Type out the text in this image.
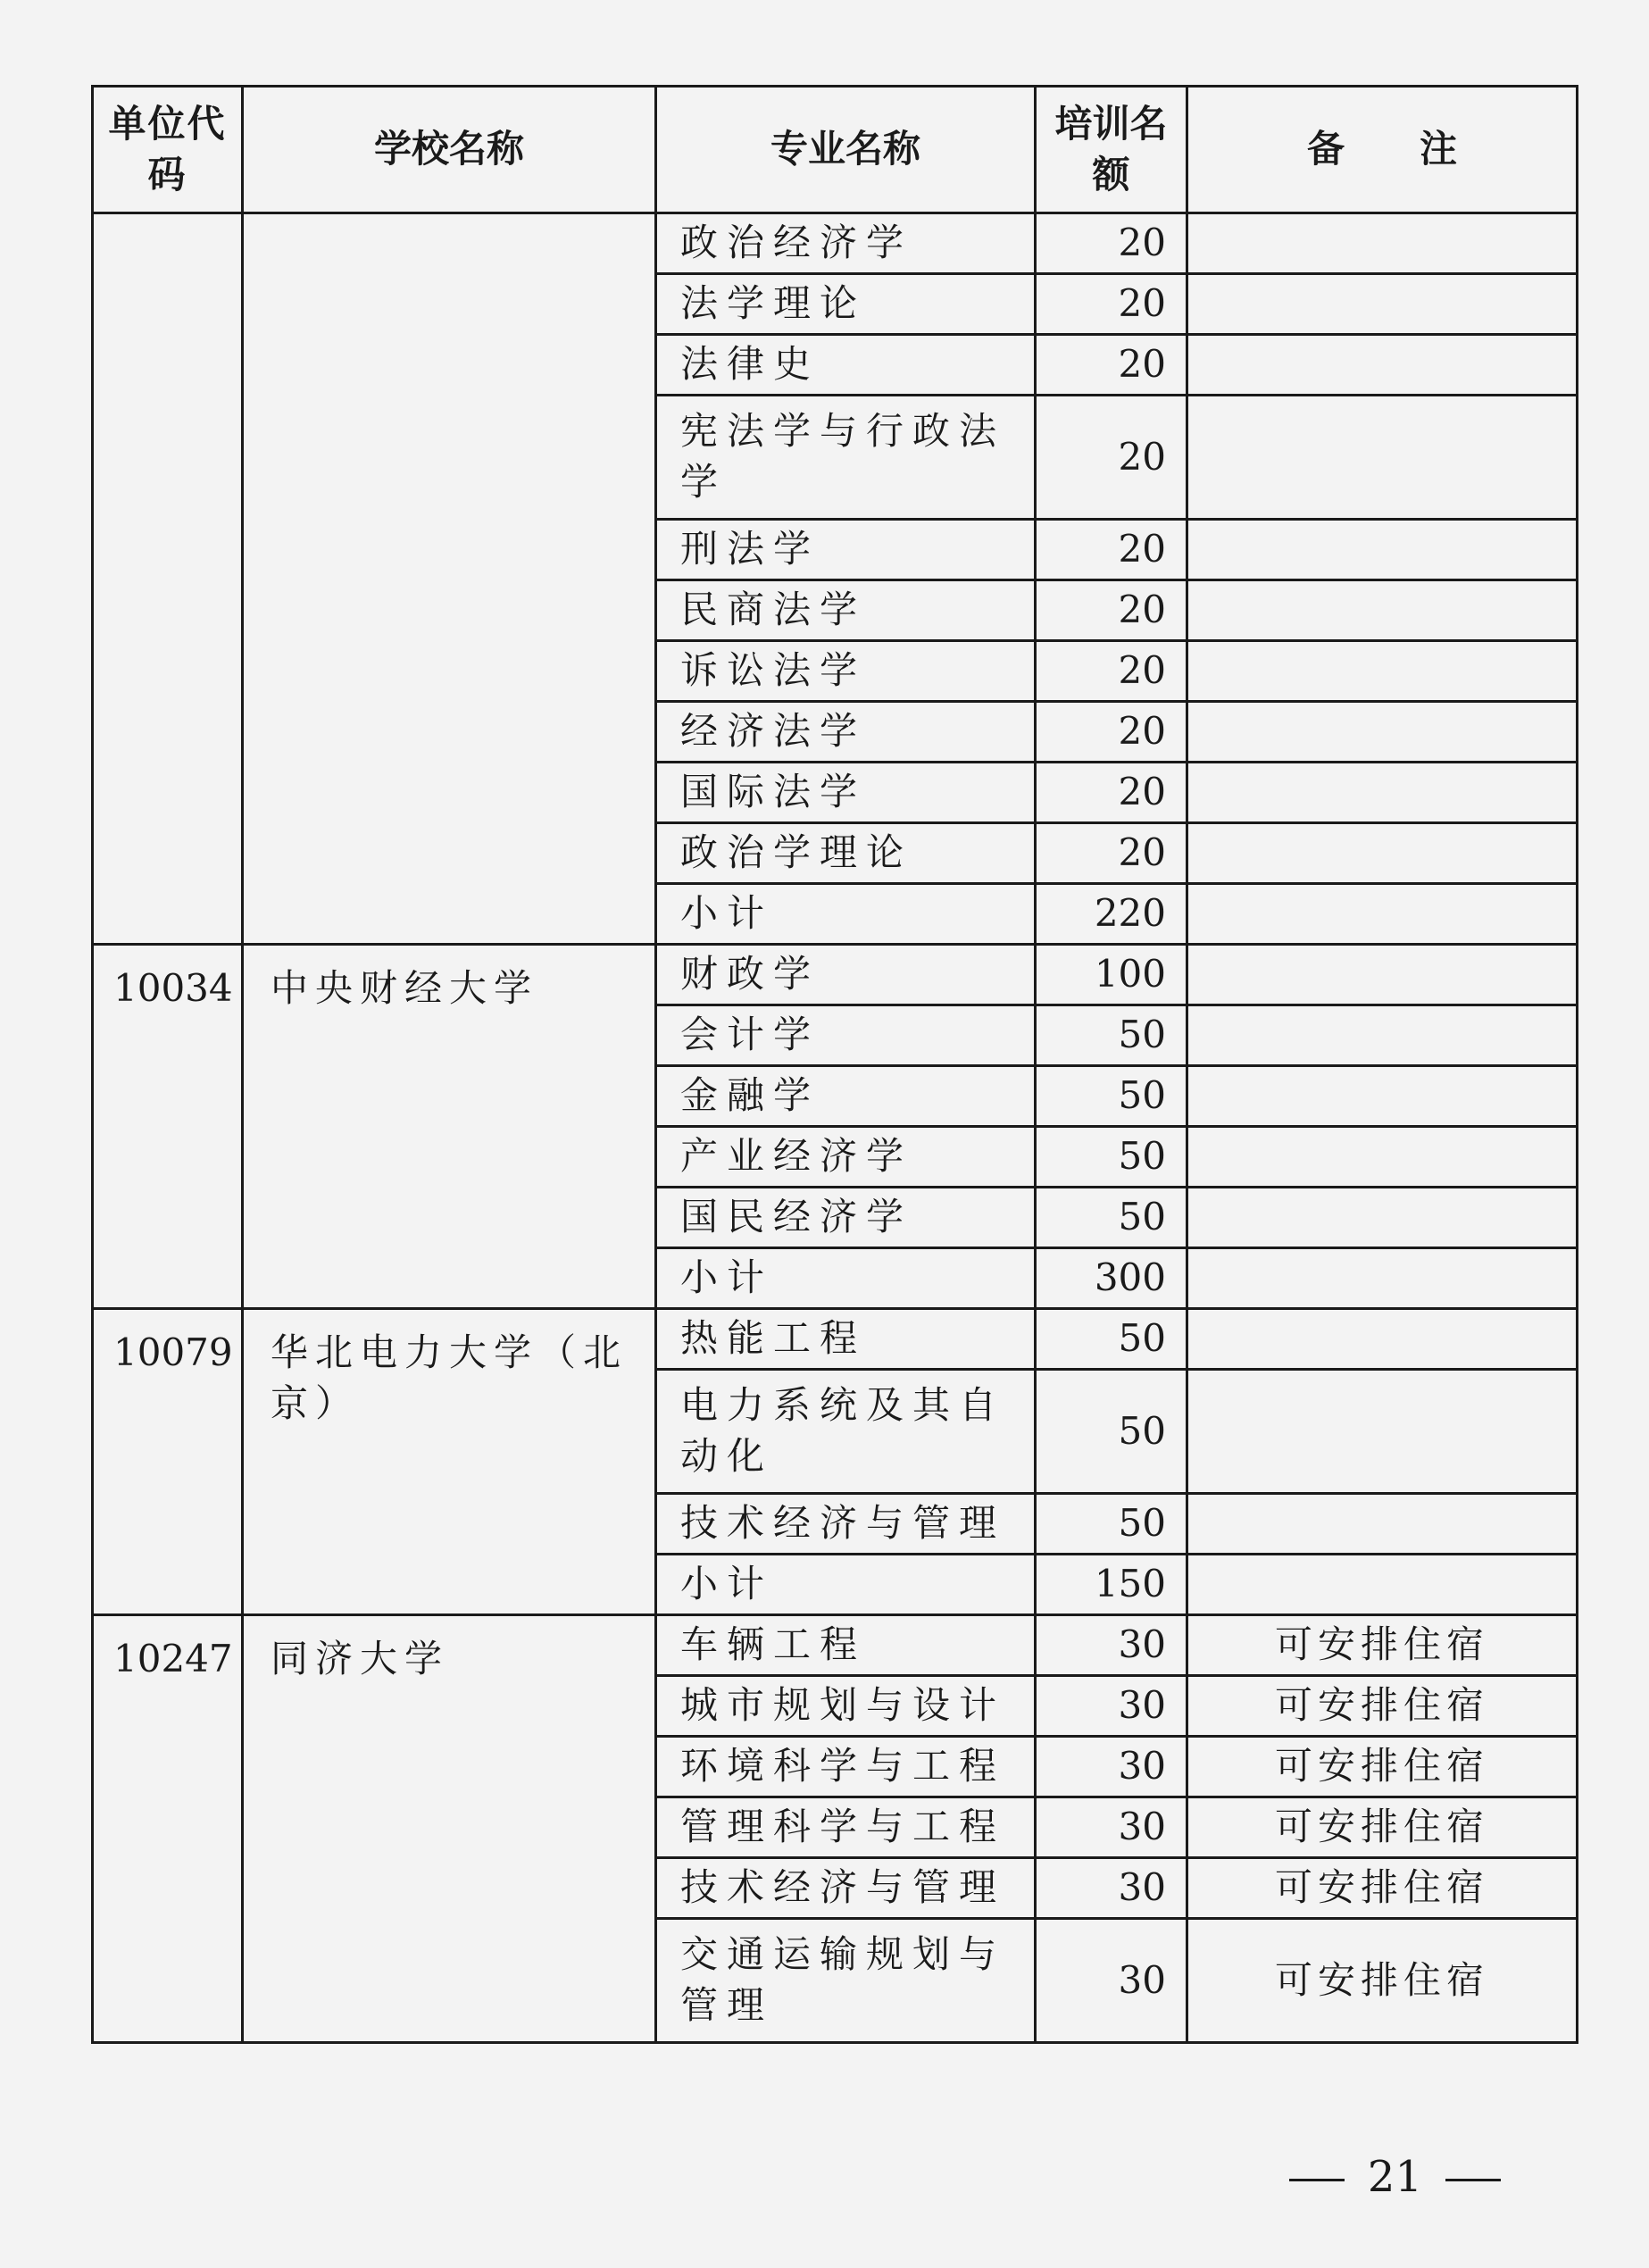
单位代码	学校名称	专业名称	培训名额	备　　注
		政治经济学	20	
		法学理论	20	
		法律史	20	
		宪法学与行政法学	20	
		刑法学	20	
		民商法学	20	
		诉讼法学	20	
		经济法学	20	
		国际法学	20	
		政治学理论	20	
		小计	220	
10034	中央财经大学	财政学	100	
		会计学	50	
		金融学	50	
		产业经济学	50	
		国民经济学	50	
		小计	300	
10079	华北电力大学（北京）	热能工程	50	
		电力系统及其自动化	50	
		技术经济与管理	50	
		小计	150	
10247	同济大学	车辆工程	30	可安排住宿
		城市规划与设计	30	可安排住宿
		环境科学与工程	30	可安排住宿
		管理科学与工程	30	可安排住宿
		技术经济与管理	30	可安排住宿
		交通运输规划与管理	30	可安排住宿
21
